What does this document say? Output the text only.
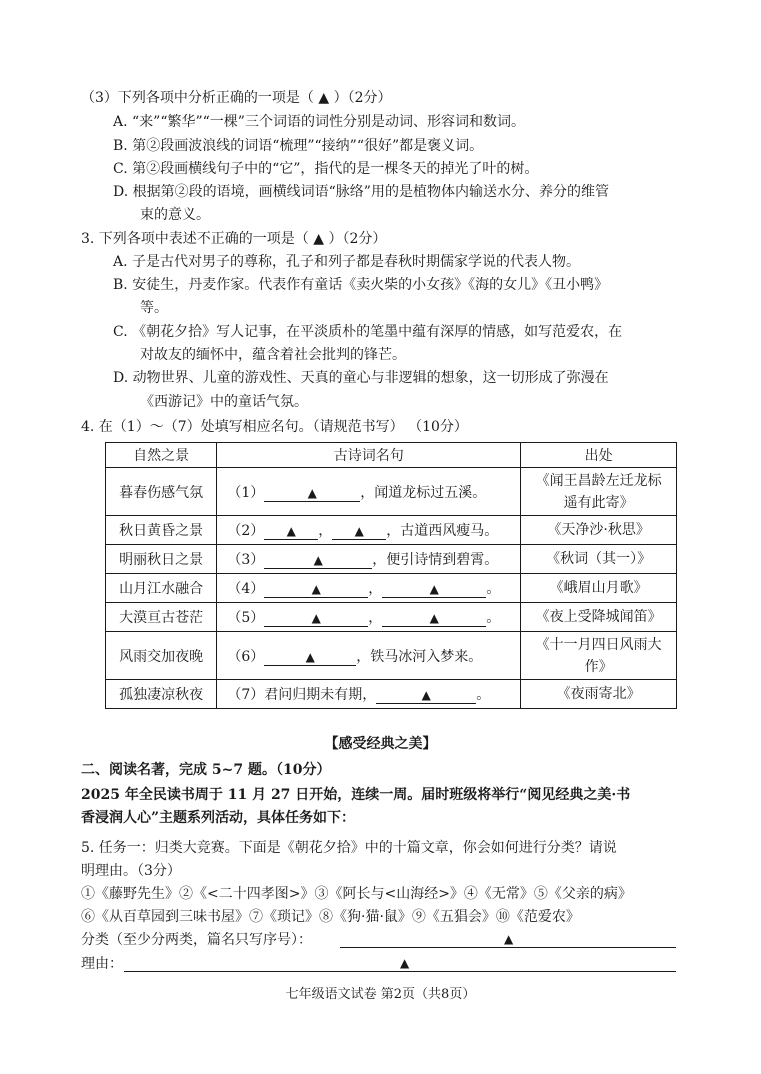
（3）下列各项中分析正确的一项是（ ▲ ）（2分）
A. “来”“繁华”“一棵”三个词语的词性分别是动词、形容词和数词。
B. 第②段画波浪线的词语“梳理”“接纳”“很好”都是褒义词。
C. 第②段画横线句子中的“它”，指代的是一棵冬天的掉光了叶的树。
D. 根据第②段的语境，画横线词语“脉络”用的是植物体内输送水分、养分的维管
束的意义。
3. 下列各项中表述不正确的一项是（ ▲ ）（2分）
A. 子是古代对男子的尊称，孔子和列子都是春秋时期儒家学说的代表人物。
B. 安徒生，丹麦作家。代表作有童话《卖火柴的小女孩》《海的女儿》《丑小鸭》
等。
C. 《朝花夕拾》写人记事，在平淡质朴的笔墨中蕴有深厚的情感，如写范爱农，在
对故友的缅怀中，蕴含着社会批判的锋芒。
D. 动物世界、儿童的游戏性、天真的童心与非逻辑的想象，这一切形成了弥漫在
《西游记》中的童话气氛。
4. 在（1）～（7）处填写相应名句。（请规范书写） （10分）
自然之景	古诗词名句	出处
暮春伤感气氛	（1） ▲ ，闻道龙标过五溪。	《闻王昌龄左迁龙标
遥有此寄》

秋日黄昏之景	（2） ▲ ， ▲ ，古道西风瘦马。	《天净沙·秋思》
明丽秋日之景	（3） ▲ ，便引诗情到碧霄。	《秋词（其一）》
山月江水融合	（4） ▲ ， ▲ 。	《峨眉山月歌》
大漠亘古苍茫	（5） ▲ ， ▲ 。	《夜上受降城闻笛》
风雨交加夜晚	（6） ▲ ，铁马冰河入梦来。	《十一月四日风雨大
作》

孤独凄凉秋夜	（7）君问归期未有期， ▲ 。	《夜雨寄北》
【感受经典之美】
二、阅读名著，完成 5~7 题。（10分）
2025 年全民读书周于 11 月 27 日开始，连续一周。届时班级将举行“阅见经典之美·书
香浸润人心”主题系列活动，具体任务如下：
5. 任务一：归类大竞赛。下面是《朝花夕拾》中的十篇文章，你会如何进行分类？请说
明理由。（3分）
①《藤野先生》②《<二十四孝图>》③《阿长与<山海经>》④《无常》⑤《父亲的病》
⑥《从百草园到三味书屋》⑦《琐记》⑧《狗·猫·鼠》⑨《五猖会》⑩《范爱农》
分类（至少分两类，篇名只写序号）：	▲
理由：	▲
七年级语文试卷 第2页（共8页）
